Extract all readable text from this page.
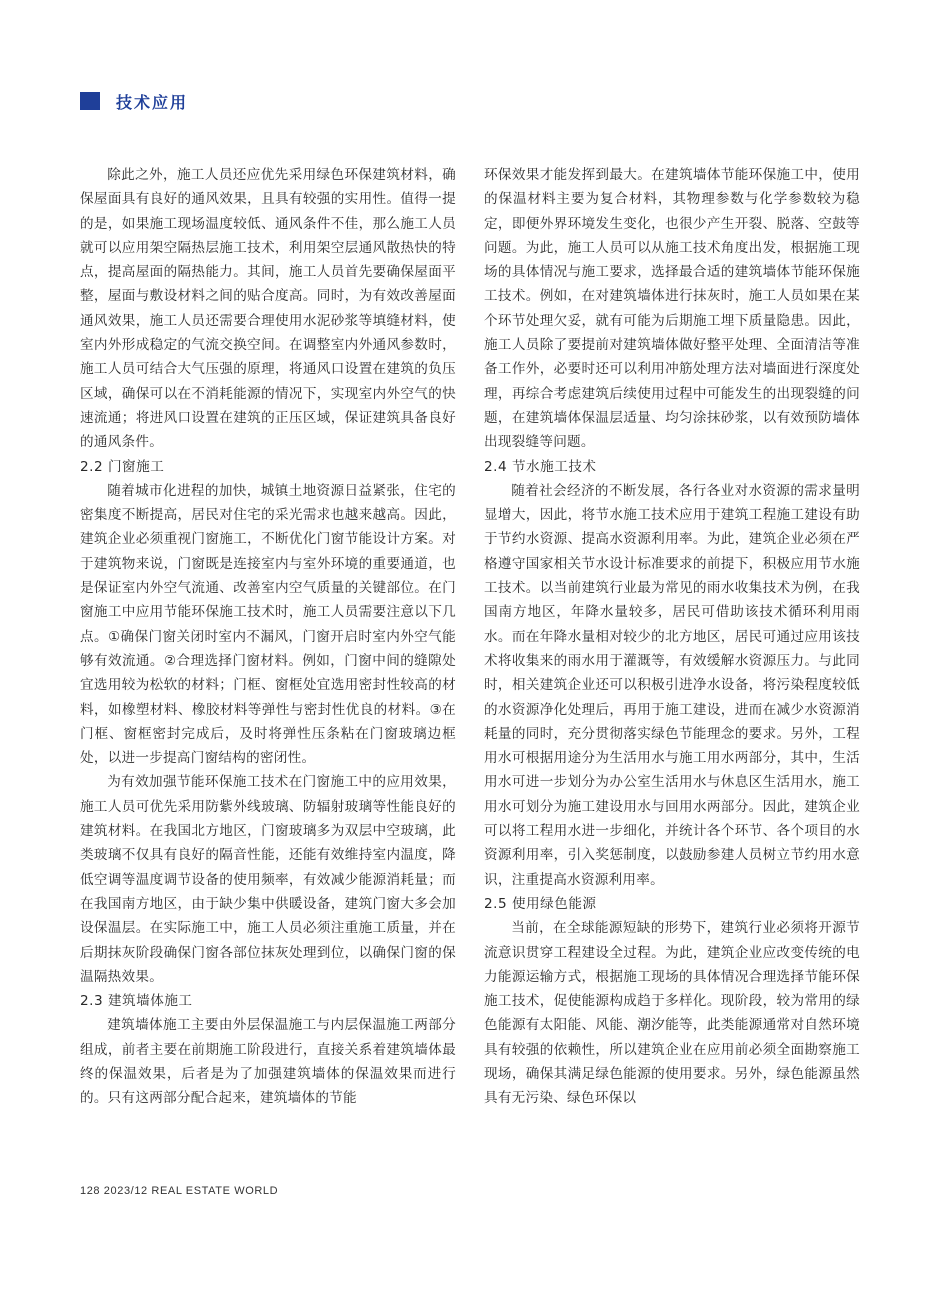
技术应用

除此之外，施工人员还应优先采用绿色环保建筑材料，确保屋面具有良好的通风效果，且具有较强的实用性。值得一提的是，如果施工现场温度较低、通风条件不佳，那么施工人员就可以应用架空隔热层施工技术，利用架空层通风散热快的特点，提高屋面的隔热能力。其间，施工人员首先要确保屋面平整，屋面与敷设材料之间的贴合度高。同时，为有效改善屋面通风效果，施工人员还需要合理使用水泥砂浆等填缝材料，使室内外形成稳定的气流交换空间。在调整室内外通风参数时，施工人员可结合大气压强的原理，将通风口设置在建筑的负压区域，确保可以在不消耗能源的情况下，实现室内外空气的快速流通；将进风口设置在建筑的正压区域，保证建筑具备良好的通风条件。

2.2 门窗施工

随着城市化进程的加快，城镇土地资源日益紧张，住宅的密集度不断提高，居民对住宅的采光需求也越来越高。因此，建筑企业必须重视门窗施工，不断优化门窗节能设计方案。对于建筑物来说，门窗既是连接室内与室外环境的重要通道，也是保证室内外空气流通、改善室内空气质量的关键部位。在门窗施工中应用节能环保施工技术时，施工人员需要注意以下几点。①确保门窗关闭时室内不漏风，门窗开启时室内外空气能够有效流通。②合理选择门窗材料。例如，门窗中间的缝隙处宜选用较为松软的材料；门框、窗框处宜选用密封性较高的材料，如橡塑材料、橡胶材料等弹性与密封性优良的材料。③在门框、窗框密封完成后，及时将弹性压条粘在门窗玻璃边框处，以进一步提高门窗结构的密闭性。

为有效加强节能环保施工技术在门窗施工中的应用效果，施工人员可优先采用防紫外线玻璃、防辐射玻璃等性能良好的建筑材料。在我国北方地区，门窗玻璃多为双层中空玻璃，此类玻璃不仅具有良好的隔音性能，还能有效维持室内温度，降低空调等温度调节设备的使用频率，有效减少能源消耗量；而在我国南方地区，由于缺少集中供暖设备，建筑门窗大多会加设保温层。在实际施工中，施工人员必须注重施工质量，并在后期抹灰阶段确保门窗各部位抹灰处理到位，以确保门窗的保温隔热效果。

2.3 建筑墙体施工

建筑墙体施工主要由外层保温施工与内层保温施工两部分组成，前者主要在前期施工阶段进行，直接关系着建筑墙体最终的保温效果，后者是为了加强建筑墙体的保温效果而进行的。只有这两部分配合起来，建筑墙体的节能

环保效果才能发挥到最大。在建筑墙体节能环保施工中，使用的保温材料主要为复合材料，其物理参数与化学参数较为稳定，即便外界环境发生变化，也很少产生开裂、脱落、空鼓等问题。为此，施工人员可以从施工技术角度出发，根据施工现场的具体情况与施工要求，选择最合适的建筑墙体节能环保施工技术。例如，在对建筑墙体进行抹灰时，施工人员如果在某个环节处理欠妥，就有可能为后期施工埋下质量隐患。因此，施工人员除了要提前对建筑墙体做好整平处理、全面清洁等准备工作外，必要时还可以利用冲筋处理方法对墙面进行深度处理，再综合考虑建筑后续使用过程中可能发生的出现裂缝的问题，在建筑墙体保温层适量、均匀涂抹砂浆，以有效预防墙体出现裂缝等问题。

2.4 节水施工技术

随着社会经济的不断发展，各行各业对水资源的需求量明显增大，因此，将节水施工技术应用于建筑工程施工建设有助于节约水资源、提高水资源利用率。为此，建筑企业必须在严格遵守国家相关节水设计标准要求的前提下，积极应用节水施工技术。以当前建筑行业最为常见的雨水收集技术为例，在我国南方地区，年降水量较多，居民可借助该技术循环利用雨水。而在年降水量相对较少的北方地区，居民可通过应用该技术将收集来的雨水用于灌溉等，有效缓解水资源压力。与此同时，相关建筑企业还可以积极引进净水设备，将污染程度较低的水资源净化处理后，再用于施工建设，进而在减少水资源消耗量的同时，充分贯彻落实绿色节能理念的要求。另外，工程用水可根据用途分为生活用水与施工用水两部分，其中，生活用水可进一步划分为办公室生活用水与休息区生活用水，施工用水可划分为施工建设用水与回用水两部分。因此，建筑企业可以将工程用水进一步细化，并统计各个环节、各个项目的水资源利用率，引入奖惩制度，以鼓励参建人员树立节约用水意识，注重提高水资源利用率。

2.5 使用绿色能源

当前，在全球能源短缺的形势下，建筑行业必须将开源节流意识贯穿工程建设全过程。为此，建筑企业应改变传统的电力能源运输方式，根据施工现场的具体情况合理选择节能环保施工技术，促使能源构成趋于多样化。现阶段，较为常用的绿色能源有太阳能、风能、潮汐能等，此类能源通常对自然环境具有较强的依赖性，所以建筑企业在应用前必须全面勘察施工现场，确保其满足绿色能源的使用要求。另外，绿色能源虽然具有无污染、绿色环保以

128 2023/12 REAL ESTATE WORLD
